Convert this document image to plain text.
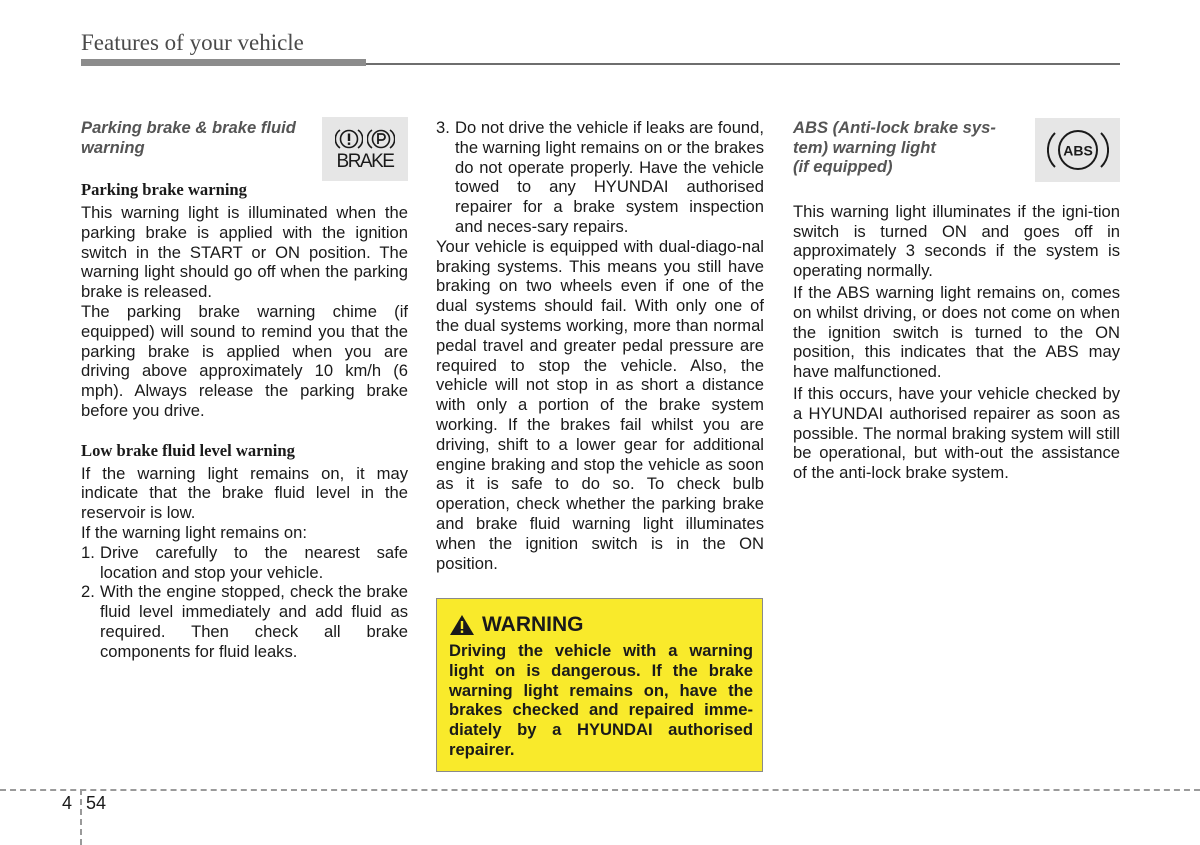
Features of your vehicle
Parking brake & brake fluid warning
BRAKE
Parking brake warning

This warning light is illuminated when the parking brake is applied with the ignition switch in the START or ON position. The warning light should go off when the parking brake is released.

The parking brake warning chime (if equipped) will sound to remind you that the parking brake is applied when you are driving above approximately 10 km/h (6 mph). Always release the parking brake before you drive.

Low brake fluid level warning

If the warning light remains on, it may indicate that the brake fluid level in the reservoir is low.

If the warning light remains on:

1. Drive carefully to the nearest safe location and stop your vehicle.
2. With the engine stopped, check the brake fluid level immediately and add fluid as required. Then check all brake components for fluid leaks.
3. Do not drive the vehicle if leaks are found, the warning light remains on or the brakes do not operate properly. Have the vehicle towed to any HYUNDAI authorised repairer for a brake system inspection and neces-sary repairs.

Your vehicle is equipped with dual-diago-nal braking systems. This means you still have braking on two wheels even if one of the dual systems should fail. With only one of the dual systems working, more than normal pedal travel and greater pedal pressure are required to stop the vehicle. Also, the vehicle will not stop in as short a distance with only a portion of the brake system working. If the brakes fail whilst you are driving, shift to a lower gear for additional engine braking and stop the vehicle as soon as it is safe to do so. To check bulb operation, check whether the parking brake and brake fluid warning light illuminates when the ignition switch is in the ON position.

WARNING
Driving the vehicle with a warning light on is dangerous. If the brake warning light remains on, have the brakes checked and repaired imme-diately by a HYUNDAI authorised repairer.
ABS (Anti-lock brake sys-
tem) warning light
(if equipped)
ABS

This warning light illuminates if the igni-tion switch is turned ON and goes off in approximately 3 seconds if the system is operating normally.

If the ABS warning light remains on, comes on whilst driving, or does not come on when the ignition switch is turned to the ON position, this indicates that the ABS may have malfunctioned.

If this occurs, have your vehicle checked by a HYUNDAI authorised repairer as soon as possible. The normal braking system will still be operational, but with-out the assistance of the anti-lock brake system.

4 54
